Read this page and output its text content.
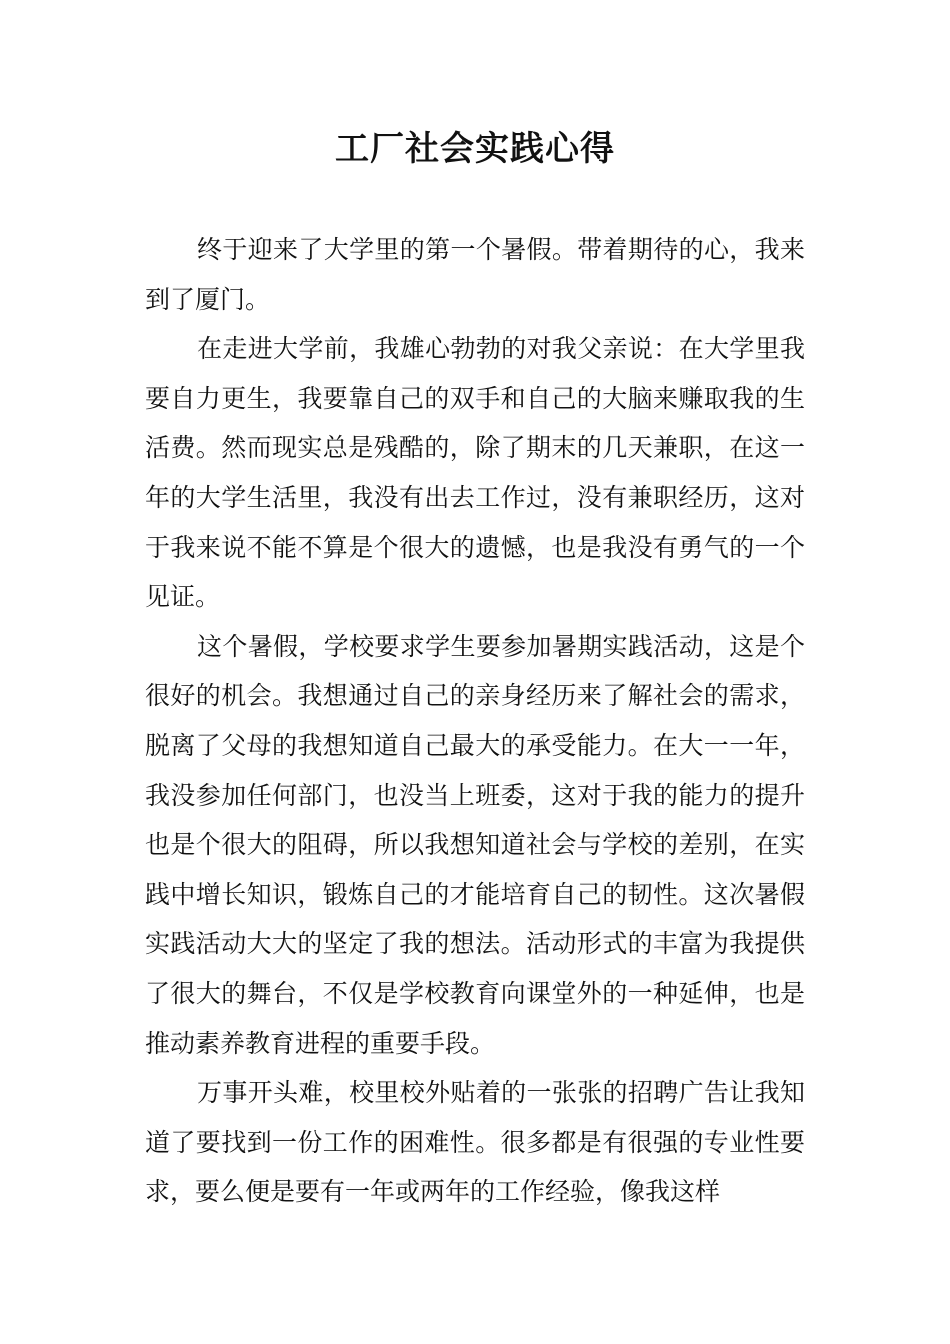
工厂社会实践心得

终于迎来了大学里的第一个暑假。带着期待的心，我来到了厦门。

在走进大学前，我雄心勃勃的对我父亲说：在大学里我要自力更生，我要靠自己的双手和自己的大脑来赚取我的生活费。然而现实总是残酷的，除了期末的几天兼职，在这一年的大学生活里，我没有出去工作过，没有兼职经历，这对于我来说不能不算是个很大的遗憾，也是我没有勇气的一个见证。

这个暑假，学校要求学生要参加暑期实践活动，这是个很好的机会。我想通过自己的亲身经历来了解社会的需求，脱离了父母的我想知道自己最大的承受能力。在大一一年，我没参加任何部门，也没当上班委，这对于我的能力的提升也是个很大的阻碍，所以我想知道社会与学校的差别，在实践中增长知识，锻炼自己的才能培育自己的韧性。这次暑假实践活动大大的坚定了我的想法。活动形式的丰富为我提供了很大的舞台，不仅是学校教育向课堂外的一种延伸，也是推动素养教育进程的重要手段。

万事开头难，校里校外贴着的一张张的招聘广告让我知道了要找到一份工作的困难性。很多都是有很强的专业性要求，要么便是要有一年或两年的工作经验，像我这样
